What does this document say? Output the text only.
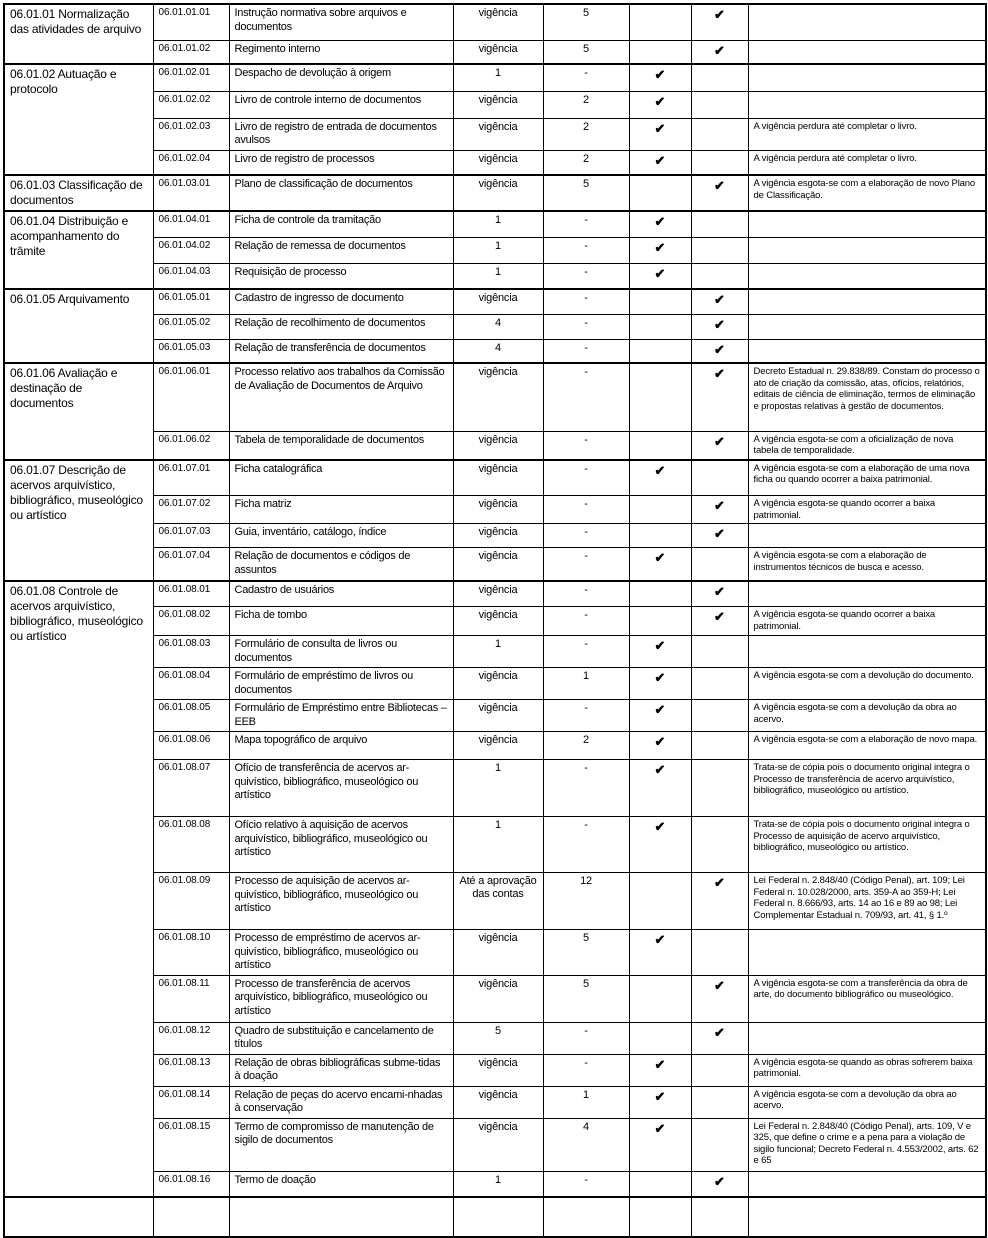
06.01.01 Normalização das atividades de arquivo	06.01.01.01	Instrução normativa sobre arquivos e documentos	vigência	5		✔	
	06.01.01.02	Regimento interno	vigência	5		✔	
06.01.02 Autuação e protocolo	06.01.02.01	Despacho de devolução à origem	1	-	✔		
	06.01.02.02	Livro de controle interno de documentos	vigência	2	✔		
	06.01.02.03	Livro de registro de entrada de documentos avulsos	vigência	2	✔		A vigência perdura até completar o livro.
	06.01.02.04	Livro de registro de processos	vigência	2	✔		A vigência perdura até completar o livro.
06.01.03 Classificação de documentos	06.01.03.01	Plano de classificação de documentos	vigência	5		✔	A vigência esgota-se com a elaboração de novo Plano de Classificação.
06.01.04 Distribuição e acompanhamento do trâmite	06.01.04.01	Ficha de controle da tramitação	1	-	✔		
	06.01.04.02	Relação de remessa de documentos	1	-	✔		
	06.01.04.03	Requisição de processo	1	-	✔		
06.01.05 Arquivamento	06.01.05.01	Cadastro de ingresso de documento	vigência	-		✔	
	06.01.05.02	Relação de recolhimento de documentos	4	-		✔	
	06.01.05.03	Relação de transferência de documentos	4	-		✔	
06.01.06 Avaliação e destinação de documentos	06.01.06.01	Processo relativo aos trabalhos da Comissão de Avaliação de Documentos de Arquivo	vigência	-		✔	Decreto Estadual n. 29.838/89. Constam do processo o ato de criação da comissão, atas, ofícios, relatórios, editais de ciência de eliminação, termos de eliminação e propostas relativas à gestão de documentos.
	06.01.06.02	Tabela de temporalidade de documentos	vigência	-		✔	A vigência esgota-se com a oficialização de nova tabela de temporalidade.
06.01.07 Descrição de acervos arquivístico, bibliográfico, museológico ou artístico	06.01.07.01	Ficha catalográfica	vigência	-	✔		A vigência esgota-se com a elaboração de uma nova ficha ou quando ocorrer a baixa patrimonial.
	06.01.07.02	Ficha matriz	vigência	-		✔	A vigência esgota-se quando ocorrer a baixa patrimonial.
	06.01.07.03	Guia, inventário, catálogo, índice	vigência	-		✔	
	06.01.07.04	Relação de documentos e códigos de assuntos	vigência	-	✔		A vigência esgota-se com a elaboração de instrumentos técnicos de busca e acesso.
06.01.08 Controle de acervos arquivístico, bibliográfico, museológico ou artístico	06.01.08.01	Cadastro de usuários	vigência	-		✔	
	06.01.08.02	Ficha de tombo	vigência	-		✔	A vigência esgota-se quando ocorrer a baixa patrimonial.
	06.01.08.03	Formulário de consulta de livros ou documentos	1	-	✔		
	06.01.08.04	Formulário de empréstimo de livros ou documentos	vigência	1	✔		A vigência esgota-se com a devolução do documento.
	06.01.08.05	Formulário de Empréstimo entre Bibliotecas – EEB	vigência	-	✔		A vigência esgota-se com a devolução da obra ao acervo.
	06.01.08.06	Mapa topográfico de arquivo	vigência	2	✔		A vigência esgota-se com a elaboração de novo mapa.
	06.01.08.07	Ofício de transferência de acervos ar-quivístico, bibliográfico, museológico ou artístico	1	-	✔		Trata-se de cópia pois o documento original integra o Processo de transferência de acervo arquivístico, bibliográfico, museológico ou artístico.
	06.01.08.08	Ofício relativo à aquisição de acervos arquivístico, bibliográfico, museológico ou artístico	1	-	✔		Trata-se de cópia pois o documento original integra o Processo de aquisição de acervo arquivístico, bibliográfico, museológico ou artístico.
	06.01.08.09	Processo de aquisição de acervos ar-quivístico, bibliográfico, museológico ou artístico	Até a aprovação das contas	12		✔	Lei Federal n. 2.848/40 (Código Penal), art. 109; Lei Federal n. 10.028/2000, arts. 359-A ao 359-H; Lei Federal n. 8.666/93, arts. 14 ao 16 e 89 ao 98; Lei Complementar Estadual n. 709/93, art. 41, § 1.º
	06.01.08.10	Processo de empréstimo de acervos ar-quivístico, bibliográfico, museológico ou artístico	vigência	5	✔		
	06.01.08.11	Processo de transferência de acervos arquivístico, bibliográfico, museológico ou artístico	vigência	5		✔	A vigência esgota-se com a transferência da obra de arte, do documento bibliográfico ou museológico.
	06.01.08.12	Quadro de substituição e cancelamento de títulos	5	-		✔	
	06.01.08.13	Relação de obras bibliográficas subme-tidas à doação	vigência	-	✔		A vigência esgota-se quando as obras sofrerem baixa patrimonial.
	06.01.08.14	Relação de peças do acervo encami-nhadas à conservação	vigência	1	✔		A vigência esgota-se com a devolução da obra ao acervo.
	06.01.08.15	Termo de compromisso de manutenção de sigilo de documentos	vigência	4	✔		Lei Federal n. 2.848/40 (Código Penal), arts. 109, V e 325, que define o crime e a pena para a violação de sigilo funcional; Decreto Federal n. 4.553/2002, arts. 62 e 65
	06.01.08.16	Termo de doação	1	-		✔	
